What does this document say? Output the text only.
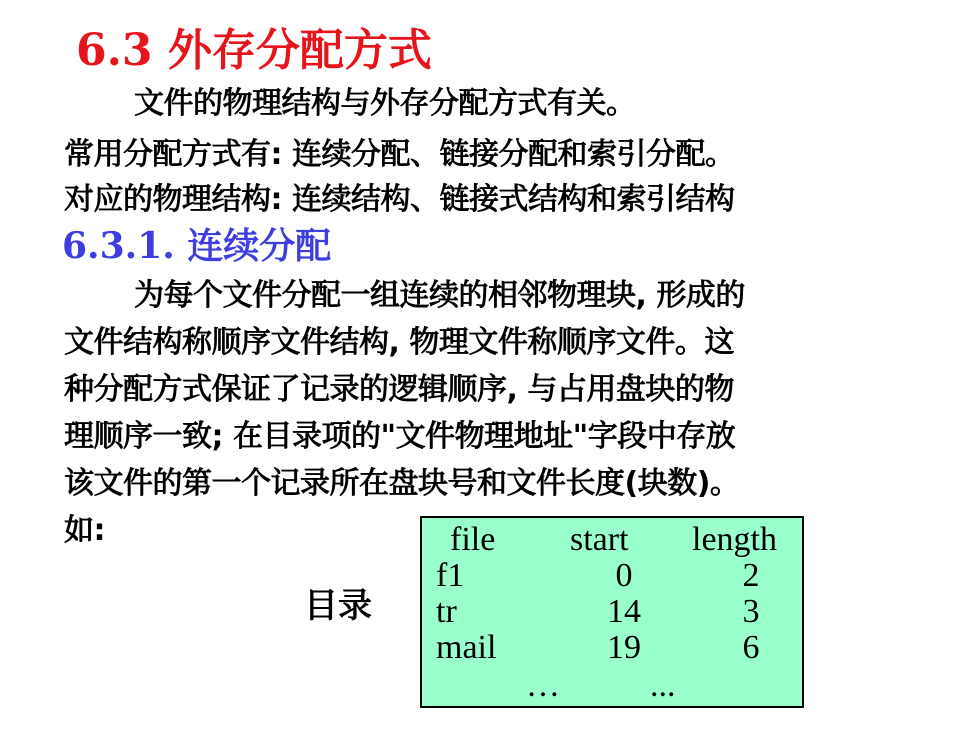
6.3 外存分配方式
文件的物理结构与外存分配方式有关。
常用分配方式有: 连续分配、链接分配和索引分配。
对应的物理结构: 连续结构、链接式结构和索引结构
6.3.1. 连续分配
为每个文件分配一组连续的相邻物理块, 形成的
文件结构称顺序文件结构, 物理文件称顺序文件。这
种分配方式保证了记录的逻辑顺序, 与占用盘块的物
理顺序一致; 在目录项的"文件物理地址"字段中存放
该文件的第一个记录所在盘块号和文件长度(块数)。
如:
目录
file start length
f1	0	2
tr	14	3
mail	19	6
…	...
